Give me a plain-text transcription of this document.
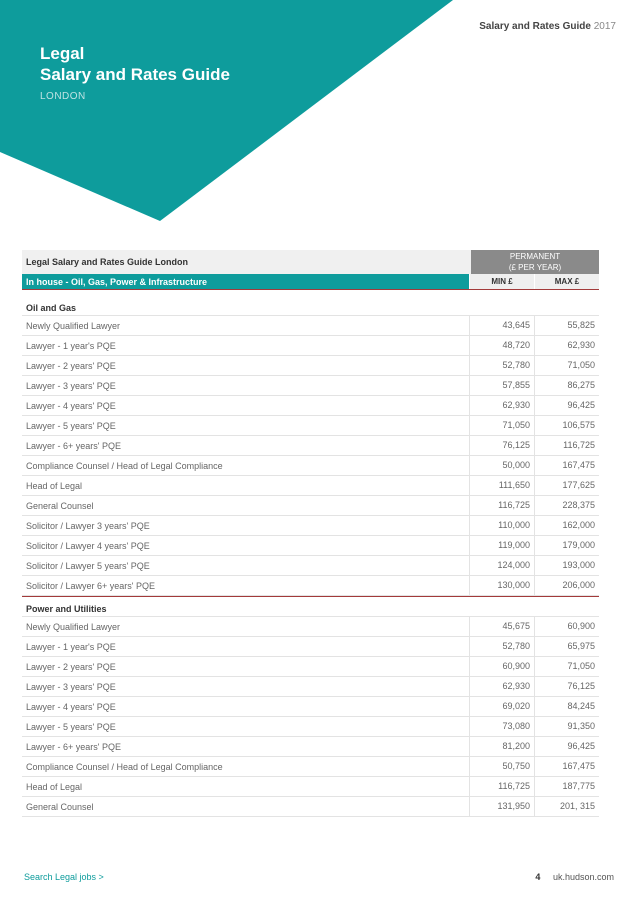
Legal
Salary and Rates Guide
LONDON
Salary and Rates Guide 2017
Legal Salary and Rates Guide London
PERMANENT
(£ PER YEAR)
In house - Oil, Gas, Power & Infrastructure	MIN £	MAX £
Oil and Gas
Newly Qualified Lawyer	43,645	55,825
Lawyer - 1 year's PQE	48,720	62,930
Lawyer - 2 years' PQE	52,780	71,050
Lawyer - 3 years' PQE	57,855	86,275
Lawyer - 4 years' PQE	62,930	96,425
Lawyer - 5 years' PQE	71,050	106,575
Lawyer - 6+ years' PQE	76,125	116,725
Compliance Counsel / Head of Legal Compliance	50,000	167,475
Head of Legal	111,650	177,625
General Counsel	116,725	228,375
Solicitor / Lawyer 3 years' PQE	110,000	162,000
Solicitor / Lawyer 4 years' PQE	119,000	179,000
Solicitor / Lawyer 5 years' PQE	124,000	193,000
Solicitor / Lawyer 6+ years' PQE	130,000	206,000
Power and Utilities
Newly Qualified Lawyer	45,675	60,900
Lawyer - 1 year's PQE	52,780	65,975
Lawyer - 2 years' PQE	60,900	71,050
Lawyer - 3 years' PQE	62,930	76,125
Lawyer - 4 years' PQE	69,020	84,245
Lawyer - 5 years' PQE	73,080	91,350
Lawyer - 6+ years' PQE	81,200	96,425
Compliance Counsel / Head of Legal Compliance	50,750	167,475
Head of Legal	116,725	187,775
General Counsel	131,950	201, 315
Search Legal jobs >	4 uk.hudson.com
